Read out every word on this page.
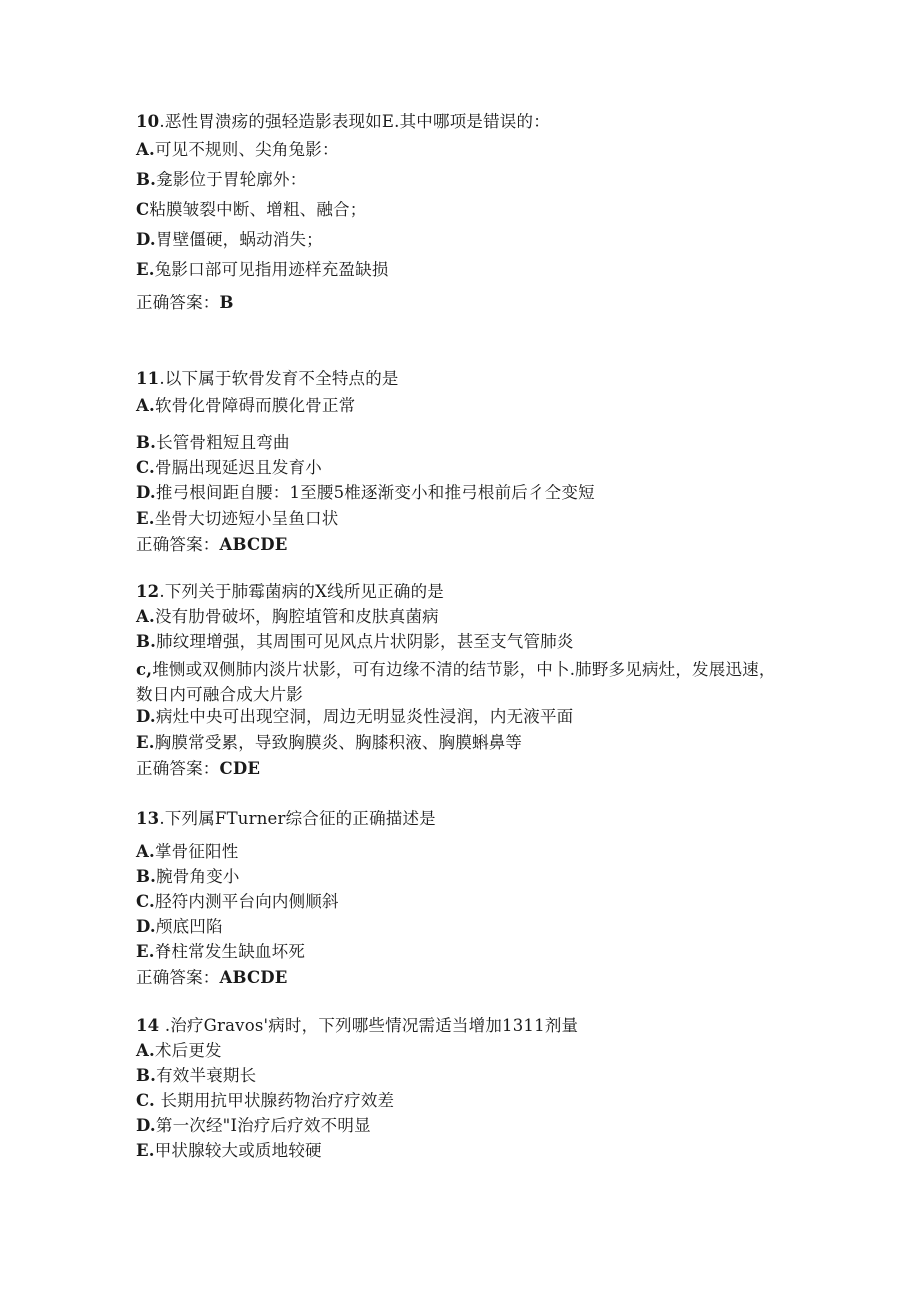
10.恶性胃溃疡的强轻造影表现如E.其中哪项是错误的：
A.可见不规则、尖角兔影：
B.龛影位于胃轮廓外：
C粘膜皱裂中断、增粗、融合；
D.胃壁僵硬，蜗动消失；
E.兔影口部可见指用迹样充盈缺损
正确答案：B
11.以下属于软骨发育不全特点的是
A.软骨化骨障碍而膜化骨正常
B.长管骨粗短且弯曲
C.骨膈出现延迟且发育小
D.推弓根间距自腰：1至腰5椎逐渐变小和推弓根前后彳仝变短
E.坐骨大切迹短小呈鱼口状
正确答案：ABCDE
12.下列关于肺霉菌病的X线所见正确的是
A.没有肋骨破坏，胸腔埴管和皮肤真菌病
B.肺纹理增强，其周围可见风点片状阴影，甚至支气管肺炎
c,堆恻或双侧肺内淡片状影，可有边缘不清的结节影，中卜.肺野多见病灶，发展迅速，数日内可融合成大片影
D.病灶中央可出现空洞，周边无明显炎性浸润，内无液平面
E.胸膜常受累，导致胸膜炎、胸膝积液、胸膜蝌鼻等
正确答案：CDE
13.下列属FTurner综合征的正确描述是
A.掌骨征阳性
B.腕骨角变小
C.胫符内测平台向内侧顺斜
D.颅底凹陷
E.脊柱常发生缺血坏死
正确答案：ABCDE
14 .治疗Gravos'病时，下列哪些情况需适当增加1311剂量
A.术后更发
B.有效半衰期长
C. 长期用抗甲状腺药物治疗疗效差
D.第一次经"I治疗后疗效不明显
E.甲状腺较大或质地较硬
